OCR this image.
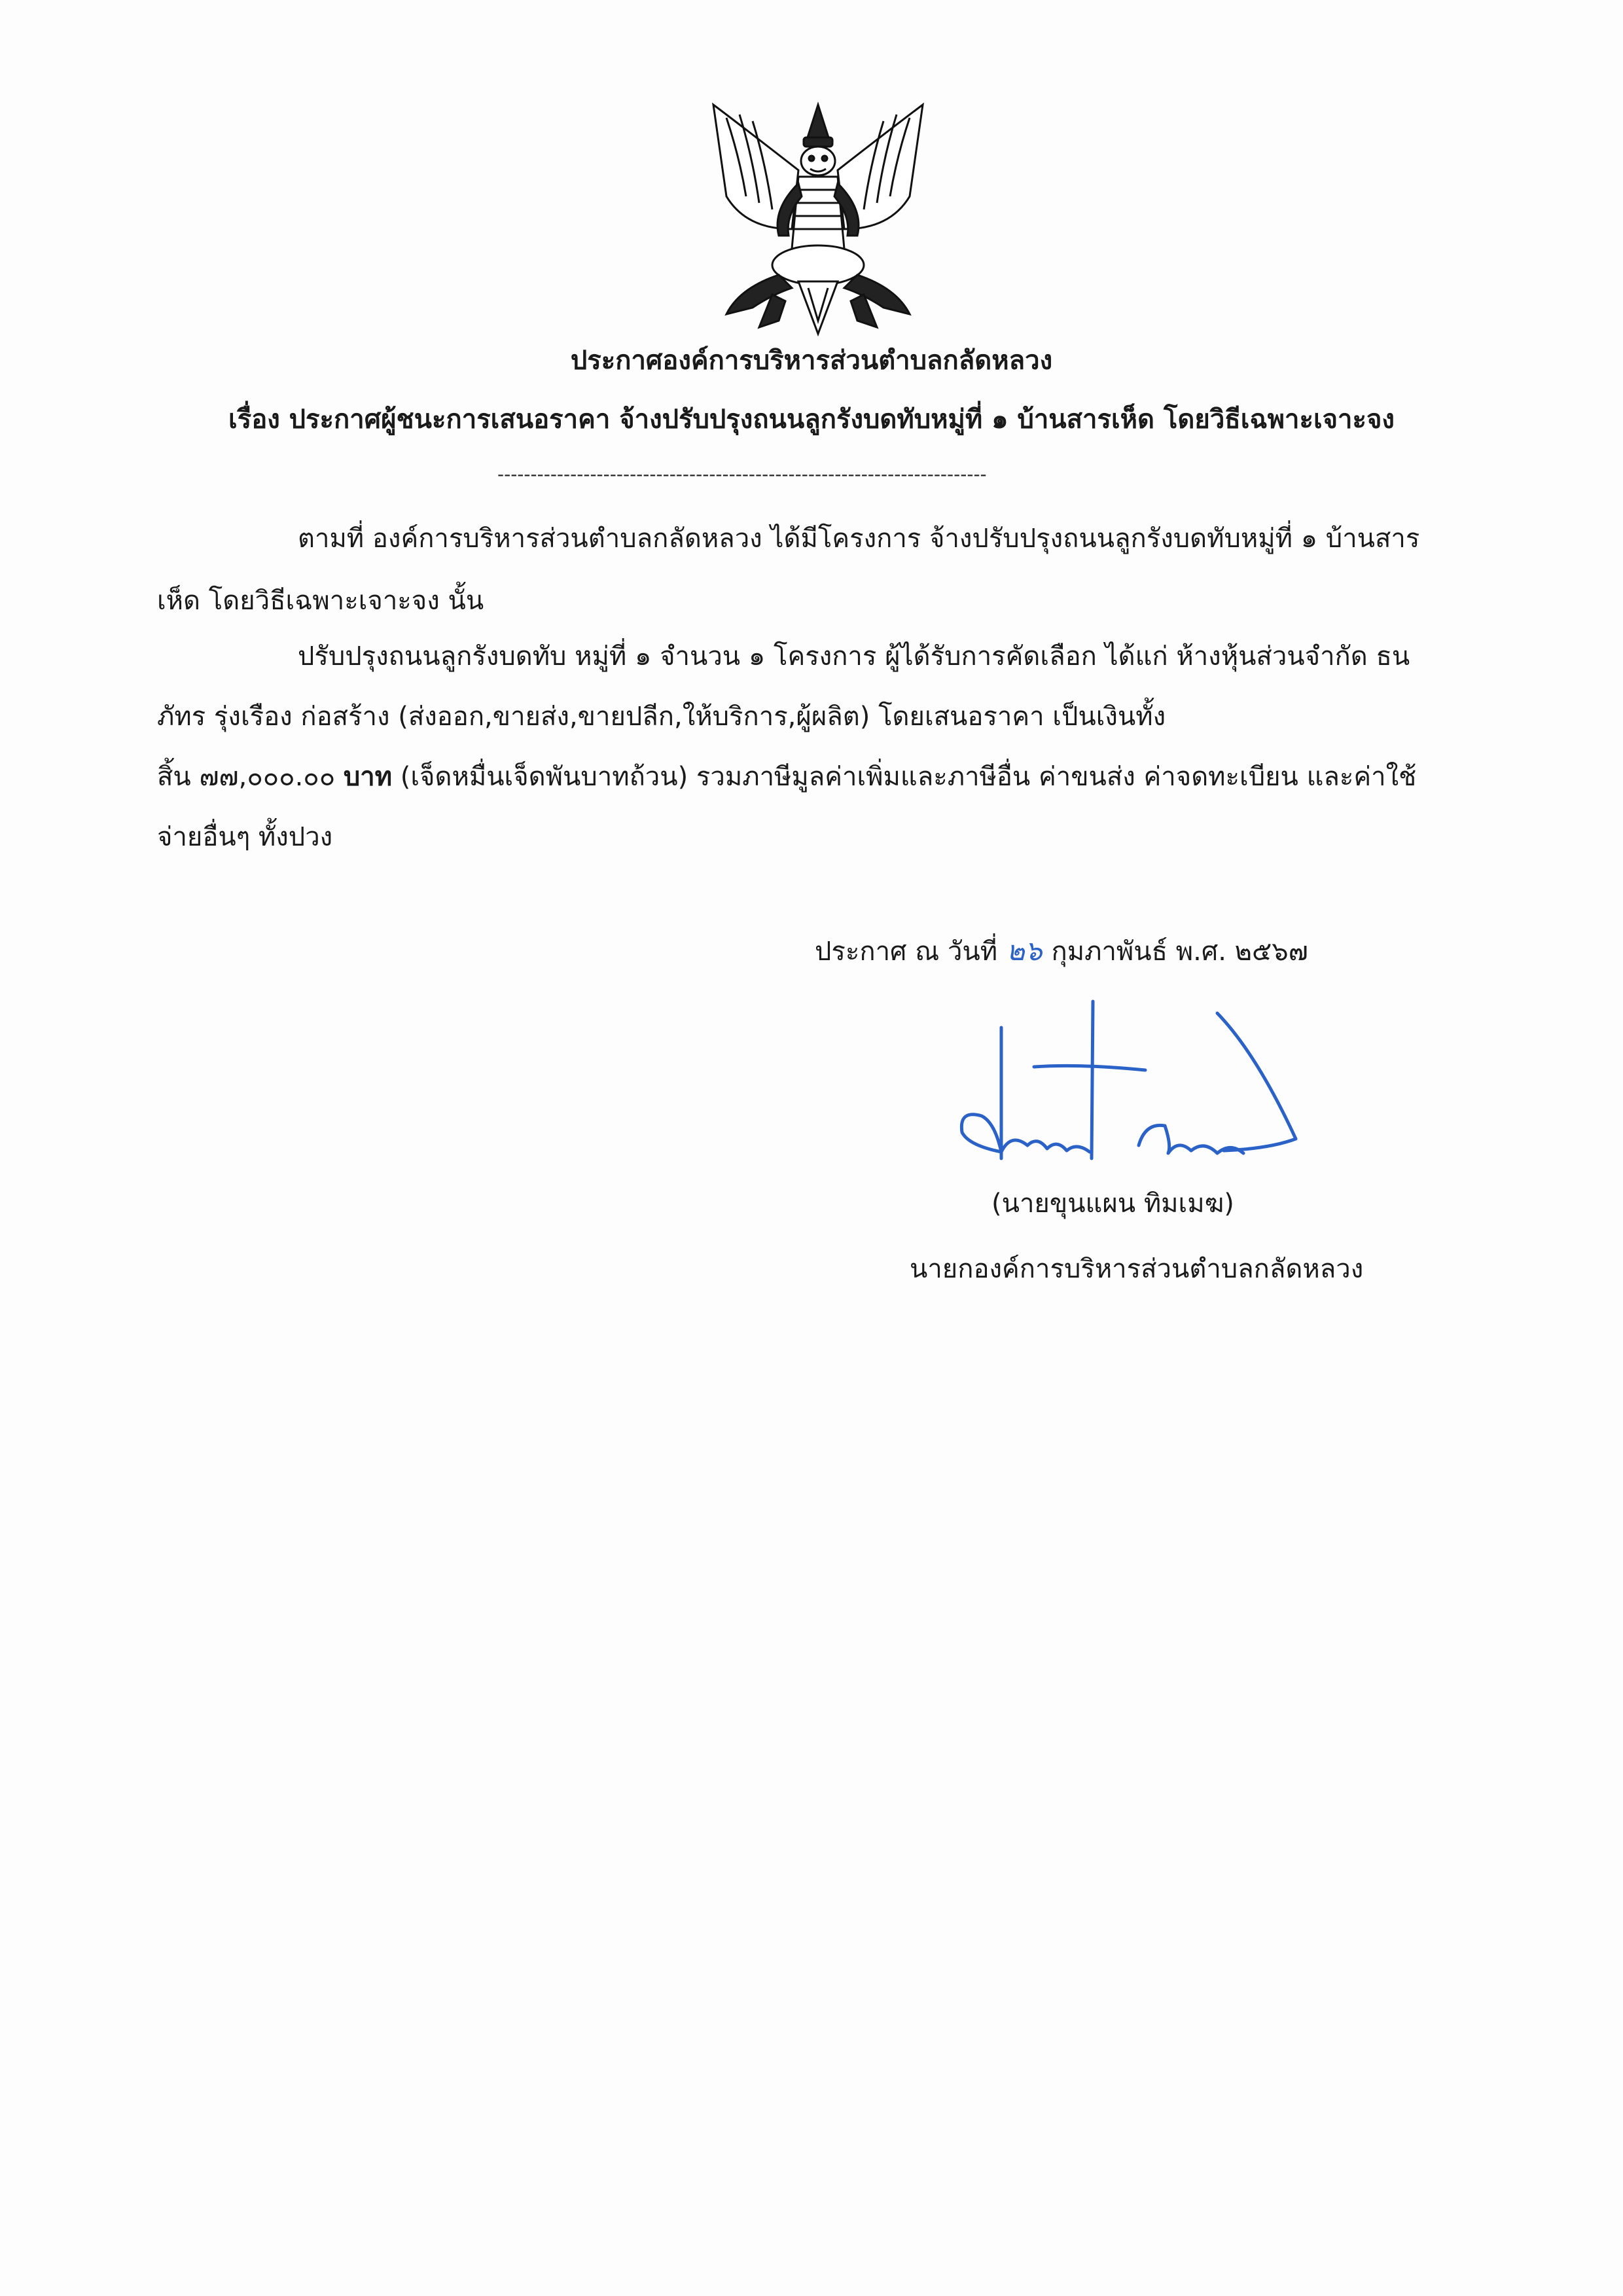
ประกาศองค์การบริหารส่วนตำบลกลัดหลวง
เรื่อง ประกาศผู้ชนะการเสนอราคา จ้างปรับปรุงถนนลูกรังบดทับหมู่ที่ ๑ บ้านสารเห็ด โดยวิธีเฉพาะเจาะจง
--------------------------------------------------------------------------
ตามที่ องค์การบริหารส่วนตำบลกลัดหลวง ได้มีโครงการ จ้างปรับปรุงถนนลูกรังบดทับหมู่ที่ ๑ บ้านสาร
เห็ด โดยวิธีเฉพาะเจาะจง นั้น
ปรับปรุงถนนลูกรังบดทับ หมู่ที่ ๑ จำนวน ๑ โครงการ ผู้ได้รับการคัดเลือก ได้แก่ ห้างหุ้นส่วนจำกัด ธน
ภัทร รุ่งเรือง ก่อสร้าง (ส่งออก,ขายส่ง,ขายปลีก,ให้บริการ,ผู้ผลิต) โดยเสนอราคา เป็นเงินทั้ง
สิ้น ๗๗,๐๐๐.๐๐ บาท (เจ็ดหมื่นเจ็ดพันบาทถ้วน) รวมภาษีมูลค่าเพิ่มและภาษีอื่น ค่าขนส่ง ค่าจดทะเบียน และค่าใช้
จ่ายอื่นๆ ทั้งปวง
ประกาศ ณ วันที่ ๒๖ กุมภาพันธ์ พ.ศ. ๒๕๖๗
(นายขุนแผน ทิมเมฆ)
นายกองค์การบริหารส่วนตำบลกลัดหลวง
